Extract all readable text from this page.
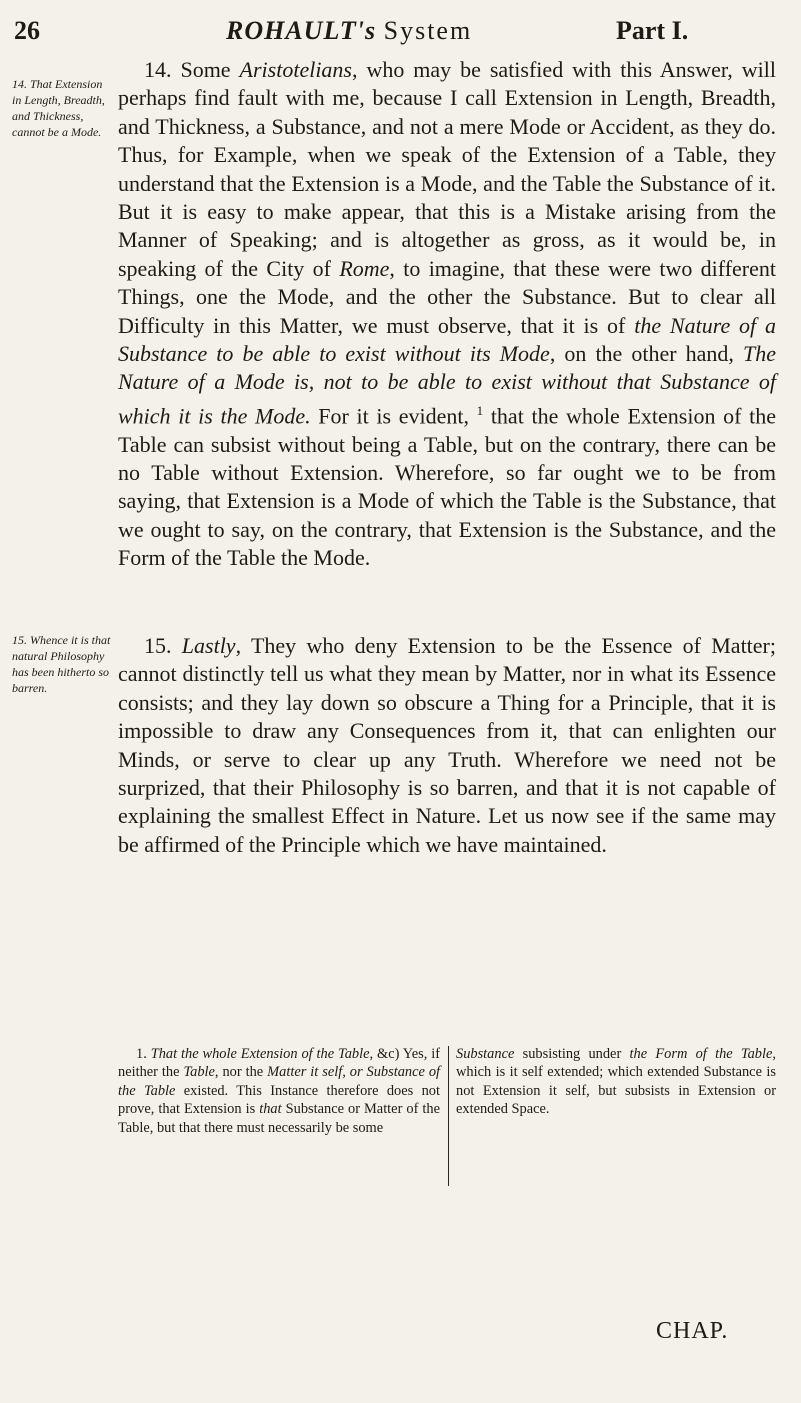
26	ROHAULT's System	Part I.
14. That Extension in Length, Breadth, and Thickness, cannot be a Mode.
15. Whence it is that natural Philosophy has been hitherto so barren.
14. Some Aristotelians, who may be satisfied with this Answer, will perhaps find fault with me, because I call Extension in Length, Breadth, and Thickness, a Substance, and not a mere Mode or Accident, as they do. Thus, for Example, when we speak of the Extension of a Table, they understand that the Extension is a Mode, and the Table the Substance of it. But it is easy to make appear, that this is a Mistake arising from the Manner of Speaking; and is altogether as gross, as it would be, in speaking of the City of Rome, to imagine, that these were two different Things, one the Mode, and the other the Substance. But to clear all Difficulty in this Matter, we must observe, that it is of the Nature of a Substance to be able to exist without its Mode, on the other hand, The Nature of a Mode is, not to be able to exist without that Substance of which it is the Mode. For it is evident, $^1$ that the whole Extension of the Table can subsist without being a Table, but on the contrary, there can be no Table without Extension. Wherefore, so far ought we to be from saying, that Extension is a Mode of which the Table is the Substance, that we ought to say, on the contrary, that Extension is the Substance, and the Form of the Table the Mode.
15. Lastly, They who deny Extension to be the Essence of Matter; cannot distinctly tell us what they mean by Matter, nor in what its Essence consists; and they lay down so obscure a Thing for a Principle, that it is impossible to draw any Consequences from it, that can enlighten our Minds, or serve to clear up any Truth. Wherefore we need not be surprized, that their Philosophy is so barren, and that it is not capable of explaining the smallest Effect in Nature. Let us now see if the same may be affirmed of the Principle which we have maintained.
1. That the whole Extension of the Table, &c) Yes, if neither the Table, nor the Matter it self, or Substance of the Table existed. This Instance therefore does not prove, that Extension is that Substance or Matter of the Table, but that there must necessarily be some
Substance subsisting under the Form of the Table, which is it self extended; which extended Substance is not Extension it self, but subsists in Extension or extended Space.
CHAP.
